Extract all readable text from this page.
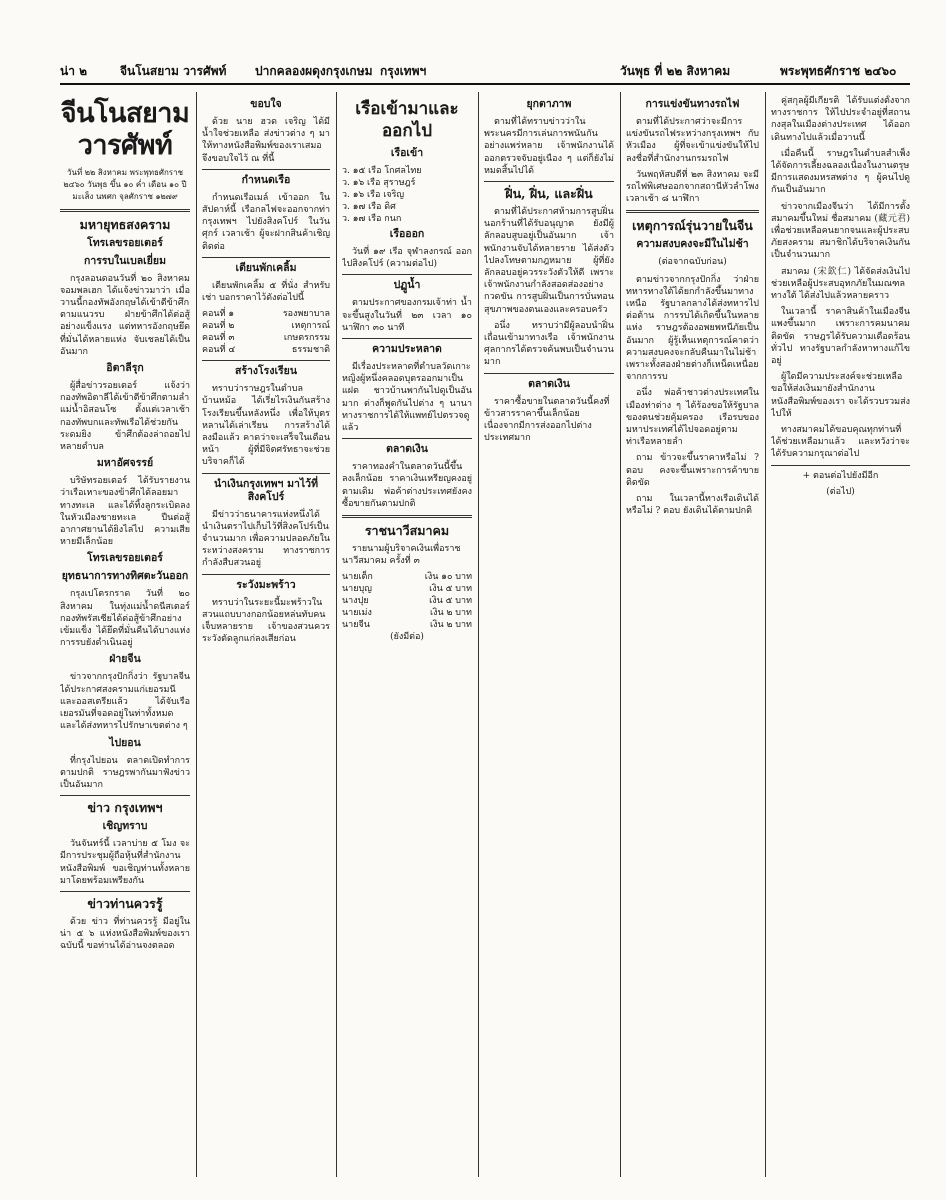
น่า ๒	จีนโนสยาม วารศัพท์ ปากคลองผดุงกรุงเกษม กรุงเทพฯ	วันพุธ ที่ ๒๒ สิงหาคม	พระพุทธศักราช ๒๔๖๐
จีนโนสยามวารศัพท์

วันที่ ๒๒ สิงหาคม พระพุทธศักราช ๒๔๖๐ วันพุธ ขึ้น ๑๐ ค่ำ เดือน ๑๐ ปีมะเส็ง นพศก จุลศักราช ๑๒๗๙

มหายุทธสงคราม
โทรเลขรอยเตอร์
การรบในเบลเยี่ยม

กรุงลอนดอนวันที่ ๒๐ สิงหาคม จอมพลเฮก ได้แจ้งข่าวมาว่า เมื่อวานนี้กองทัพอังกฤษได้เข้าตีข้าศึกตามแนวรบ ฝ่ายข้าศึกได้ต่อสู้อย่างแข็งแรง แต่ทหารอังกฤษยึดที่มั่นได้หลายแห่ง จับเชลยได้เป็นอันมาก

อิตาลีรุก

ผู้สื่อข่าวรอยเตอร์ แจ้งว่ากองทัพอิตาลีได้เข้าตีข้าศึกตามลำแม่น้ำอิสอนโซ ตั้งแต่เวลาเช้า กองทัพบกและทัพเรือได้ช่วยกันระดมยิง ข้าศึกต้องล่าถอยไปหลายตำบล

มหาอัศจรรย์

บริษัทรอยเตอร์ ได้รับรายงานว่าเรือเหาะของข้าศึกได้ลอยมาทางทะเล และได้ทิ้งลูกระเบิดลงในหัวเมืองชายทะเล ปืนต่อสู้อากาศยานได้ยิงไล่ไป ความเสียหายมีเล็กน้อย

โทรเลขรอยเตอร์
ยุทธนาการทางทิศตะวันออก

กรุงเปโตรกราด วันที่ ๒๐ สิงหาคม ในทุ่งแม่น้ำดนีสเตอร์ กองทัพรัสเซียได้ต่อสู้ข้าศึกอย่างเข้มแข็ง ได้ยึดที่มั่นคืนได้บางแห่ง การรบยังดำเนินอยู่

ฝ่ายจีน

ข่าวจากกรุงปักกิ่งว่า รัฐบาลจีนได้ประกาศสงครามแก่เยอรมนีและออสเตรียแล้ว ได้จับเรือเยอรมันที่จอดอยู่ในท่าทั้งหมด และได้ส่งทหารไปรักษาเขตต่าง ๆ

ไปยอน

ที่กรุงไปยอน ตลาดเปิดทำการตามปกติ ราษฎรพากันมาฟังข่าวเป็นอันมาก

ข่าว กรุงเทพฯ
เชิญทราบ

วันจันทร์นี้ เวลาบ่าย ๕ โมง จะมีการประชุมผู้ถือหุ้นที่สำนักงานหนังสือพิมพ์ ขอเชิญท่านทั้งหลายมาโดยพร้อมเพรียงกัน

ข่าวท่านควรรู้

ด้วย ข่าว ที่ท่านควรรู้ มีอยู่ในน่า ๕ ๖ แห่งหนังสือพิมพ์ของเราฉบับนี้ ขอท่านได้อ่านจงตลอด

ขอบใจ

ด้วย นาย ฮวด เจริญ ได้มีน้ำใจช่วยเหลือ ส่งข่าวต่าง ๆ มาให้ทางหนังสือพิมพ์ของเราเสมอ จึงขอบใจไว้ ณ ที่นี้

กำหนดเรือ

กำหนดเรือเมล์ เข้าออก ในสัปดาห์นี้ เรือกลไฟจะออกจากท่ากรุงเทพฯ ไปยังสิงคโปร์ ในวันศุกร์ เวลาเช้า ผู้จะฝากสินค้าเชิญติดต่อ

เตียนพักเคลิ้ม

เตียนพักเคลิ้ม ๕ ที่นั่ง สำหรับเช่า บอกราคาไว้ดังต่อไปนี้

คอนที่ ๑	รองพยาบาล
คอนที่ ๒	เหตุการณ์
คอนที่ ๓	เกษตรกรรม
คอนที่ ๔	ธรรมชาติ
สร้างโรงเรียน

ทราบว่าราษฎรในตำบลบ้านหม้อ ได้เรี่ยไรเงินกันสร้างโรงเรียนขึ้นหลังหนึ่ง เพื่อให้บุตรหลานได้เล่าเรียน การสร้างได้ลงมือแล้ว คาดว่าจะเสร็จในเดือนหน้า ผู้ที่มีจิตศรัทธาจะช่วยบริจาคก็ได้

นำเงินกรุงเทพฯ มาไว้ที่สิงคโปร์

มีข่าวว่าธนาคารแห่งหนึ่งได้นำเงินตราไปเก็บไว้ที่สิงคโปร์เป็นจำนวนมาก เพื่อความปลอดภัยในระหว่างสงคราม ทางราชการกำลังสืบสวนอยู่

ระวังมะพร้าว

ทราบว่าในระยะนี้มะพร้าวในสวนแถบบางกอกน้อยหล่นทับคนเจ็บหลายราย เจ้าของสวนควรระวังตัดลูกแก่ลงเสียก่อน

เรือเข้ามาและออกไป
เรือเข้า
ว. ๑๕ เรือ โกศลไทย
ว. ๑๖ เรือ สุราษฎร์
ว. ๑๖ เรือ เจริญ
ว. ๑๗ เรือ ดิศ
ว. ๑๗ เรือ กนก
เรือออก

วันที่ ๑๙ เรือ จุฬาลงกรณ์ ออกไปสิงคโปร์ (ความต่อไป)

ปฏูน้ำ

ตามประกาศของกรมเจ้าท่า น้ำจะขึ้นสูงในวันที่ ๒๓ เวลา ๑๐ นาฬิกา ๓๐ นาที

ความประหลาด

มีเรื่องประหลาดที่ตำบลวัดเกาะ หญิงผู้หนึ่งคลอดบุตรออกมาเป็นแฝด ชาวบ้านพากันไปดูเป็นอันมาก ต่างก็พูดกันไปต่าง ๆ นานา ทางราชการได้ให้แพทย์ไปตรวจดูแล้ว

ตลาดเงิน

ราคาทองคำในตลาดวันนี้ขึ้นลงเล็กน้อย ราคาเงินเหรียญคงอยู่ตามเดิม พ่อค้าต่างประเทศยังคงซื้อขายกันตามปกติ

ราชนาวีสมาคม

รายนามผู้บริจาคเงินเพื่อราชนาวีสมาคม ครั้งที่ ๓

นายเต็ก	เงิน ๑๐ บาท
นายบุญ	เงิน ๕ บาท
นางปุย	เงิน ๕ บาท
นายเม่ง	เงิน ๒ บาท
นายจีน	เงิน ๒ บาท

(ยังมีต่อ)

ยุกตาภาพ

ตามที่ได้ทราบข่าวว่าในพระนครมีการเล่นการพนันกันอย่างแพร่หลาย เจ้าพนักงานได้ออกตรวจจับอยู่เนือง ๆ แต่ก็ยังไม่หมดสิ้นไปได้

ฝิ่น, ฝิ่น, และฝิ่น

ตามที่ได้ประกาศห้ามการสูบฝิ่นนอกร้านที่ได้รับอนุญาต ยังมีผู้ลักลอบสูบอยู่เป็นอันมาก เจ้าพนักงานจับได้หลายราย ได้ส่งตัวไปลงโทษตามกฎหมาย ผู้ที่ยังลักลอบอยู่ควรระวังตัวให้ดี เพราะเจ้าพนักงานกำลังสอดส่องอย่างกวดขัน การสูบฝิ่นเป็นการบั่นทอนสุขภาพของตนเองและครอบครัว

อนึ่ง ทราบว่ามีผู้ลอบนำฝิ่นเถื่อนเข้ามาทางเรือ เจ้าพนักงานศุลกากรได้ตรวจค้นพบเป็นจำนวนมาก

ตลาดเงิน

ราคาซื้อขายในตลาดวันนี้คงที่ ข้าวสารราคาขึ้นเล็กน้อย เนื่องจากมีการส่งออกไปต่างประเทศมาก

การแข่งขันทางรถไฟ

ตามที่ได้ประกาศว่าจะมีการแข่งขันรถไฟระหว่างกรุงเทพฯ กับหัวเมือง ผู้ที่จะเข้าแข่งขันให้ไปลงชื่อที่สำนักงานกรมรถไฟ

วันพฤหัสบดีที่ ๒๓ สิงหาคม จะมีรถไฟพิเศษออกจากสถานีหัวลำโพง เวลาเช้า ๘ นาฬิกา

เหตุการณ์รุ่นวายในจีน
ความสงบคงจะมีในไม่ช้า
(ต่อจากฉบับก่อน)

ตามข่าวจากกรุงปักกิ่ง ว่าฝ่ายทหารทางใต้ได้ยกกำลังขึ้นมาทางเหนือ รัฐบาลกลางได้ส่งทหารไปต่อต้าน การรบได้เกิดขึ้นในหลายแห่ง ราษฎรต้องอพยพหนีภัยเป็นอันมาก ผู้รู้เห็นเหตุการณ์คาดว่าความสงบคงจะกลับคืนมาในไม่ช้า เพราะทั้งสองฝ่ายต่างก็เหน็ดเหนื่อยจากการรบ

อนึ่ง พ่อค้าชาวต่างประเทศในเมืองท่าต่าง ๆ ได้ร้องขอให้รัฐบาลของตนช่วยคุ้มครอง เรือรบของมหาประเทศได้ไปจอดอยู่ตามท่าเรือหลายลำ

ถาม ข้าวจะขึ้นราคาหรือไม่ ? ตอบ คงจะขึ้นเพราะการค้าขายติดขัด

ถาม ในเวลานี้ทางเรือเดินได้หรือไม่ ? ตอบ ยังเดินได้ตามปกติ

คู่สกุลผู้มีเกียรติ ได้รับแต่งตั้งจากทางราชการ ให้ไปประจำอยู่ที่สถานกงสุลในเมืองต่างประเทศ ได้ออกเดินทางไปแล้วเมื่อวานนี้

เมื่อคืนนี้ ราษฎรในตำบลสำเพ็งได้จัดการเลี้ยงฉลองเนื่องในงานตรุษ มีการแสดงมหรสพต่าง ๆ ผู้คนไปดูกันเป็นอันมาก

ข่าวจากเมืองจีนว่า ได้มีการตั้งสมาคมขึ้นใหม่ ชื่อสมาคม (藏元君) เพื่อช่วยเหลือคนยากจนและผู้ประสบภัยสงคราม สมาชิกได้บริจาคเงินกันเป็นจำนวนมาก

สมาคม (宋欽仁) ได้จัดส่งเงินไปช่วยเหลือผู้ประสบอุทกภัยในมณฑลทางใต้ ได้ส่งไปแล้วหลายคราว

ในเวลานี้ ราคาสินค้าในเมืองจีนแพงขึ้นมาก เพราะการคมนาคมติดขัด ราษฎรได้รับความเดือดร้อนทั่วไป ทางรัฐบาลกำลังหาทางแก้ไขอยู่

ผู้ใดมีความประสงค์จะช่วยเหลือ ขอให้ส่งเงินมายังสำนักงานหนังสือพิมพ์ของเรา จะได้รวบรวมส่งไปให้

ทางสมาคมได้ขอบคุณทุกท่านที่ได้ช่วยเหลือมาแล้ว และหวังว่าจะได้รับความกรุณาต่อไป

+ ตอนต่อไปยังมีอีก

(ต่อไป)
